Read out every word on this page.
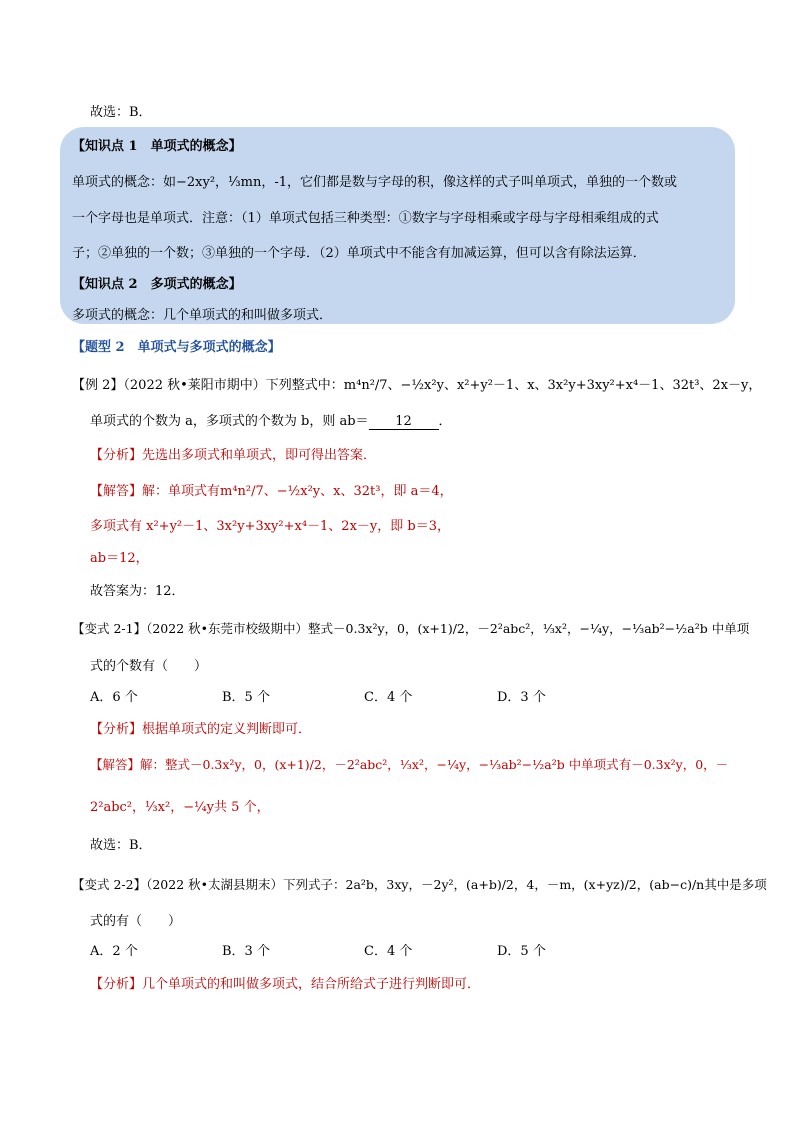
故选：B．
【知识点 1　单项式的概念】
单项式的概念：如−2xy²，⅓mn，-1，它们都是数与字母的积，像这样的式子叫单项式，单独的一个数或
一个字母也是单项式．注意：（1）单项式包括三种类型：①数字与字母相乘或字母与字母相乘组成的式
子；②单独的一个数；③单独的一个字母．（2）单项式中不能含有加减运算，但可以含有除法运算．
【知识点 2　多项式的概念】
多项式的概念：几个单项式的和叫做多项式．
【题型 2　单项式与多项式的概念】
【例 2】（2022 秋•莱阳市期中）下列整式中：m⁴n²/7、−½x²y、x²+y²－1、x、3x²y+3xy²+x⁴－1、32t³、2x－y，
单项式的个数为 a，多项式的个数为 b，则 ab＝ 12 ．
【分析】先选出多项式和单项式，即可得出答案．
【解答】解：单项式有m⁴n²/7、−½x²y、x、32t³，即 a＝4，
多项式有 x²+y²－1、3x²y+3xy²+x⁴－1、2x－y，即 b＝3，
ab＝12，
故答案为：12．
【变式 2-1】（2022 秋•东莞市校级期中）整式－0.3x²y，0，(x+1)/2，－2²abc²，⅓x²，−¼y，−⅓ab²−½a²b 中单项
式的个数有（　　）
A．6 个	B．5 个	C．4 个	D．3 个
【分析】根据单项式的定义判断即可．
【解答】解：整式－0.3x²y，0，(x+1)/2，－2²abc²，⅓x²，−¼y，−⅓ab²−½a²b 中单项式有－0.3x²y，0，－
2²abc²，⅓x²，−¼y共 5 个，
故选：B．
【变式 2-2】（2022 秋•太湖县期末）下列式子：2a²b，3xy，－2y²，(a+b)/2，4，－m，(x+yz)/2，(ab−c)/n其中是多项
式的有（　　）
A．2 个	B．3 个	C．4 个	D．5 个
【分析】几个单项式的和叫做多项式，结合所给式子进行判断即可．
